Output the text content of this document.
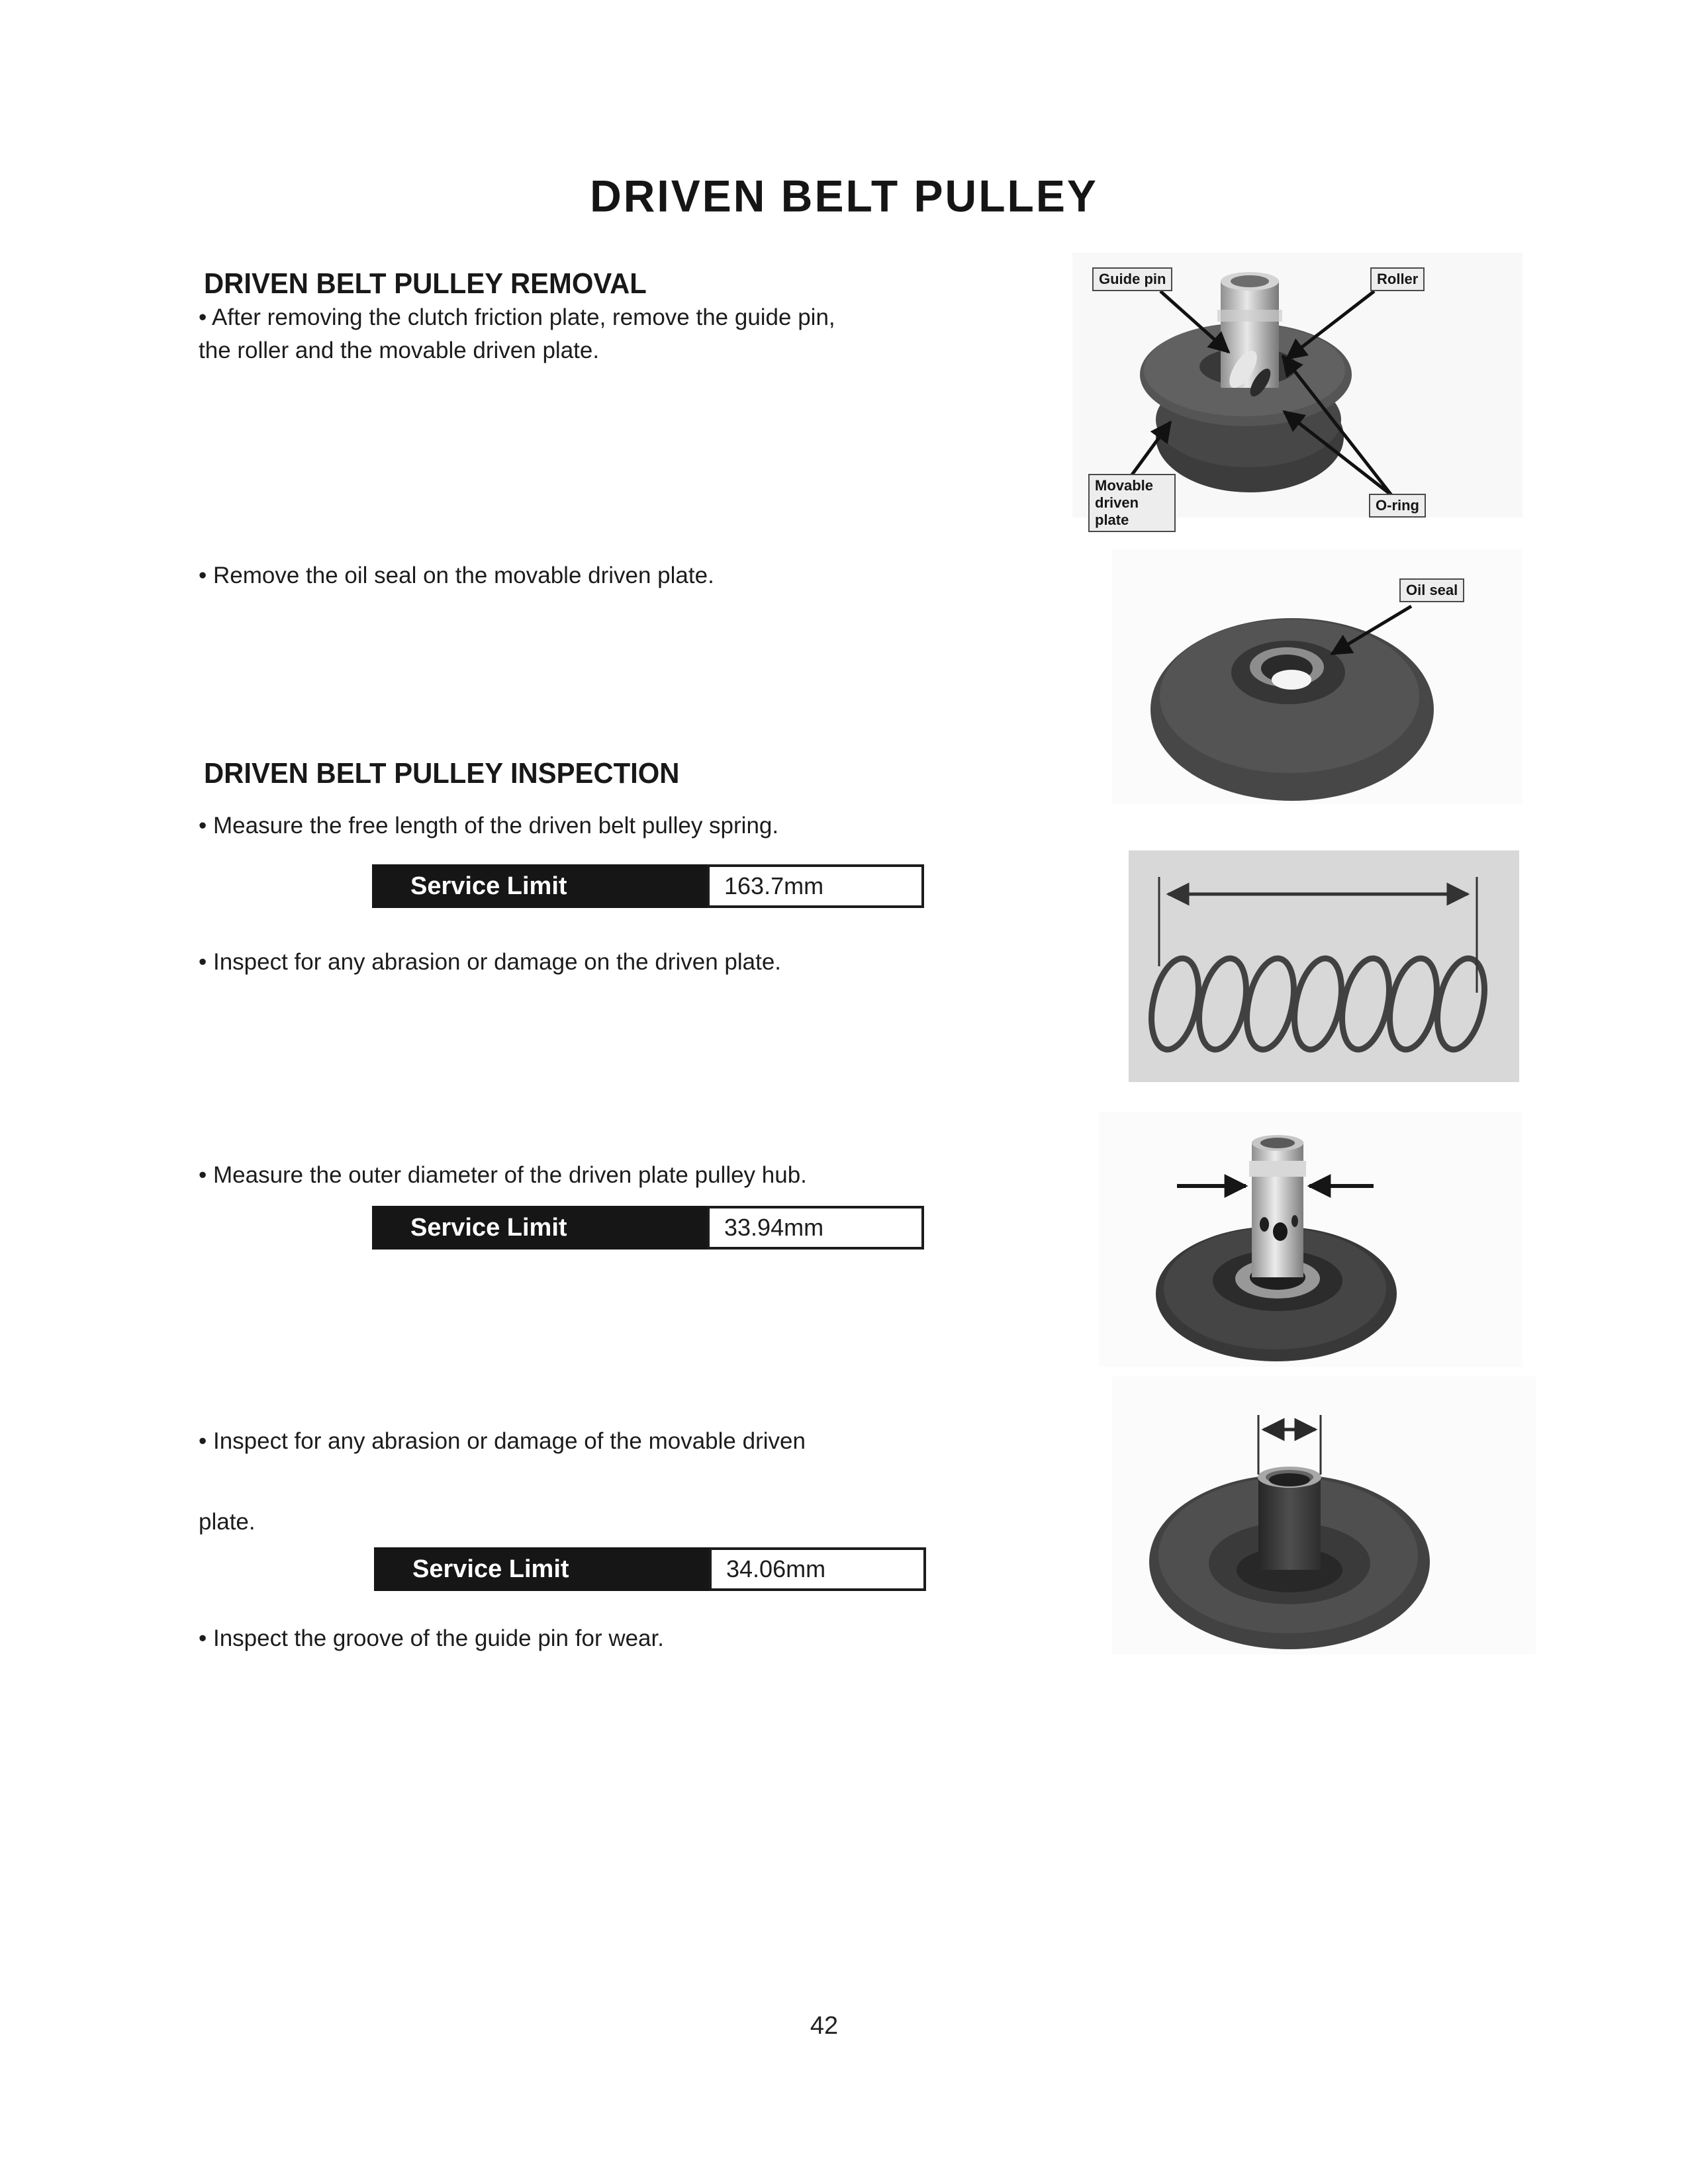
DRIVEN BELT PULLEY
DRIVEN BELT PULLEY REMOVAL
• After removing the clutch friction plate, remove the guide pin,
the roller and the movable driven plate.
• Remove the oil seal on the movable driven plate.
DRIVEN BELT PULLEY INSPECTION
• Measure the free length of the driven belt pulley spring.
Service Limit	163.7mm
• Inspect for any abrasion or damage on the driven plate.
• Measure the outer diameter of the driven plate pulley hub.
Service Limit	33.94mm
• Inspect for any abrasion or damage of the movable driven
plate.
Service Limit	34.06mm
• Inspect the groove of the guide pin for wear.
Guide pin	Roller
Movable driven plate
O-ring
Oil seal
42
